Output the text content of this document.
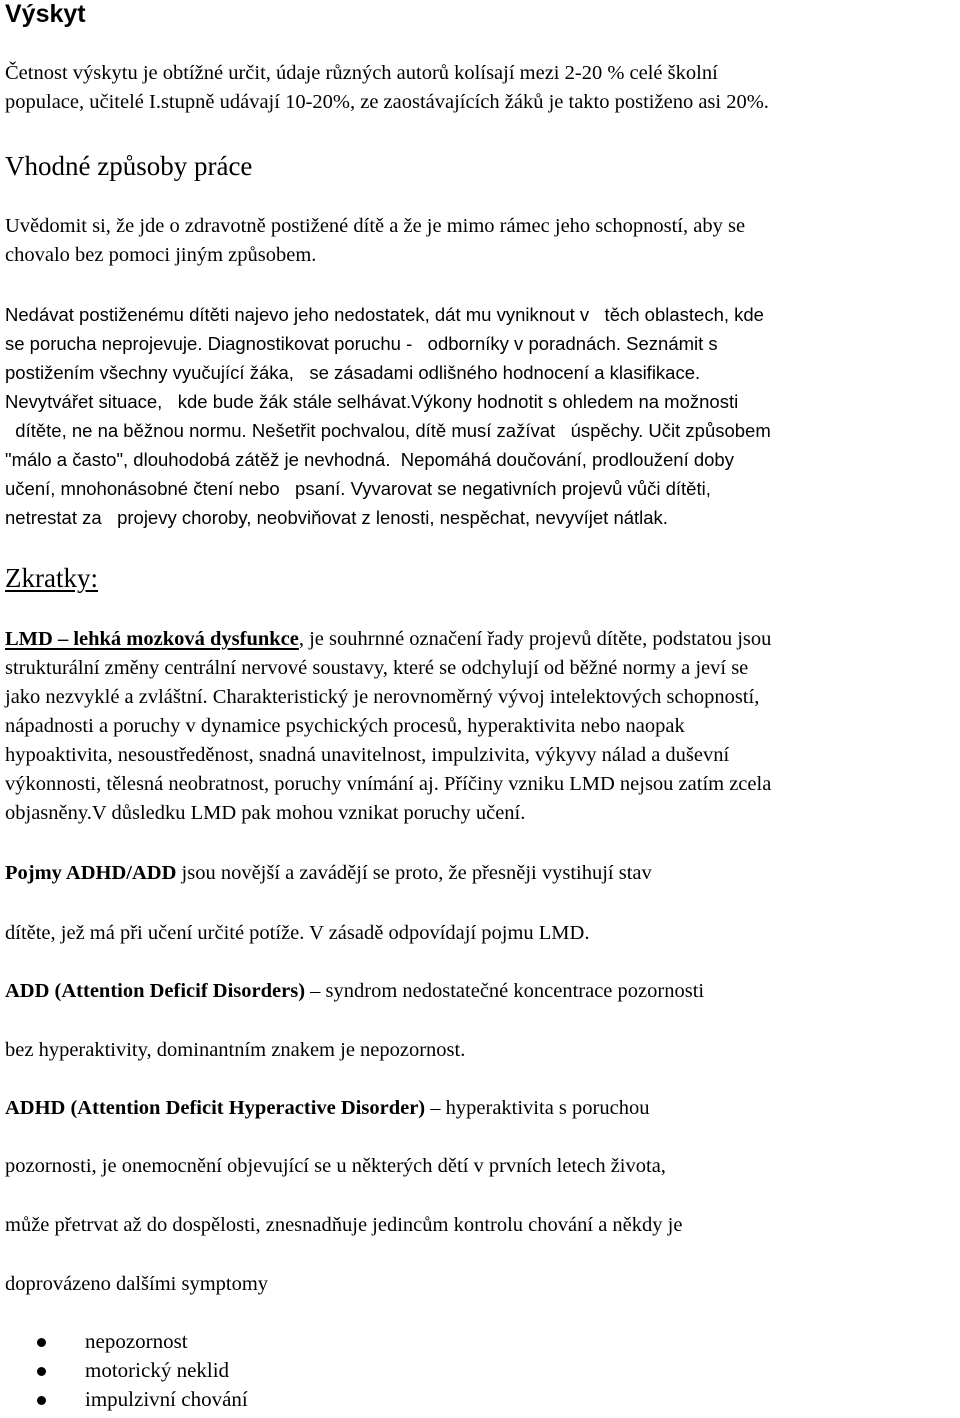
Výskyt
Četnost výskytu je obtížné určit, údaje různých autorů kolísají mezi 2-20 % celé školní
populace, učitelé I.stupně udávají 10-20%, ze zaostávajících žáků je takto postiženo asi 20%.
Vhodné způsoby práce
Uvědomit si, že jde o zdravotně postižené dítě a že je mimo rámec jeho schopností, aby se
chovalo bez pomoci jiným způsobem.
Nedávat postiženému dítěti najevo jeho nedostatek, dát mu vyniknout v   těch oblastech, kde
se porucha neprojevuje. Diagnostikovat poruchu -   odborníky v poradnách. Seznámit s
postižením všechny vyučující žáka,   se zásadami odlišného hodnocení a klasifikace.
Nevytvářet situace,   kde bude žák stále selhávat.Výkony hodnotit s ohledem na možnosti
dítěte, ne na běžnou normu. Nešetřit pochvalou, dítě musí zažívat   úspěchy. Učit způsobem
"málo a často", dlouhodobá zátěž je nevhodná.  Nepomáhá doučování, prodloužení doby
učení, mnohonásobné čtení nebo   psaní. Vyvarovat se negativních projevů vůči dítěti,
netrestat za   projevy choroby, neobviňovat z lenosti, nespěchat, nevyvíjet nátlak.
Zkratky:
LMD – lehká mozková dysfunkce, je souhrnné označení řady projevů dítěte, podstatou jsou
strukturální změny centrální nervové soustavy, které se odchylují od běžné normy a jeví se
jako nezvyklé a zvláštní. Charakteristický je nerovnoměrný vývoj intelektových schopností,
nápadnosti a poruchy v dynamice psychických procesů, hyperaktivita nebo naopak
hypoaktivita, nesoustředěnost, snadná unavitelnost, impulzivita, výkyvy nálad a duševní
výkonnosti, tělesná neobratnost, poruchy vnímání aj. Příčiny vzniku LMD nejsou zatím zcela
objasněny.V důsledku LMD pak mohou vznikat poruchy učení.
Pojmy ADHD/ADD jsou novější a zavádějí se proto, že přesněji vystihují stav
dítěte, jež má při učení určité potíže. V zásadě odpovídají pojmu LMD.
ADD (Attention Deficif Disorders) – syndrom nedostatečné koncentrace pozornosti
bez hyperaktivity, dominantním znakem je nepozornost.
ADHD (Attention Deficit Hyperactive Disorder) – hyperaktivita s poruchou
pozornosti, je onemocnění objevující se u některých dětí v prvních letech života,
může přetrvat až do dospělosti, znesnadňuje jedincům kontrolu chování a někdy je
doprovázeno dalšími symptomy
nepozornost
motorický neklid
impulzivní chování
